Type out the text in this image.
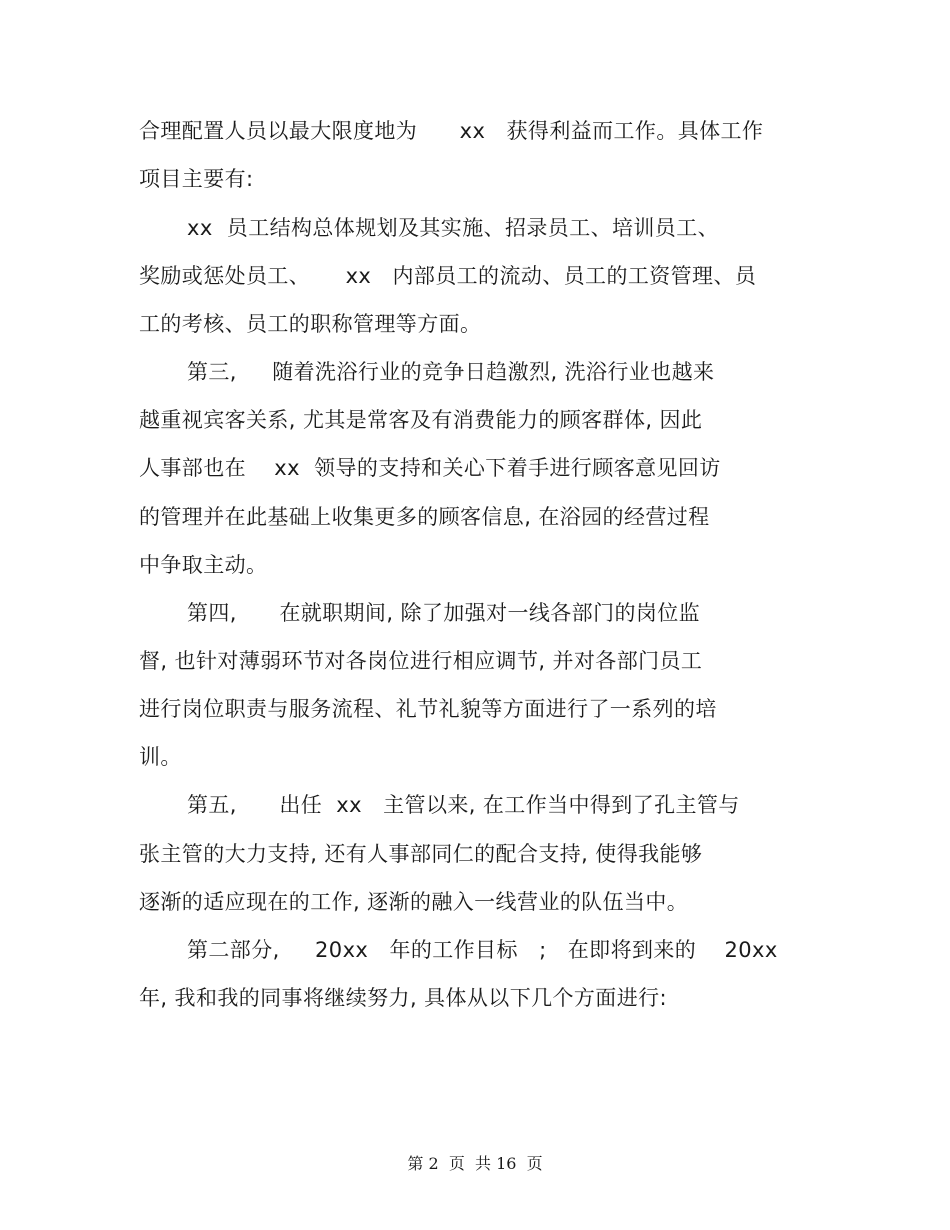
合理配置人员以最大限度地为      xx   获得利益而工作。具体工作
项目主要有:
xx  员工结构总体规划及其实施、招录员工、培训员工、
奖励或惩处员工、     xx   内部员工的流动、员工的工资管理、员
工的考核、员工的职称管理等方面。
第三,     随着洗浴行业的竞争日趋激烈, 洗浴行业也越来
越重视宾客关系, 尤其是常客及有消费能力的顾客群体, 因此
人事部也在    xx  领导的支持和关心下着手进行顾客意见回访
的管理并在此基础上收集更多的顾客信息, 在浴园的经营过程
中争取主动。
第四,      在就职期间, 除了加强对一线各部门的岗位监
督, 也针对薄弱环节对各岗位进行相应调节, 并对各部门员工
进行岗位职责与服务流程、礼节礼貌等方面进行了一系列的培
训。
第五,      出任  xx   主管以来, 在工作当中得到了孔主管与
张主管的大力支持, 还有人事部同仁的配合支持, 使得我能够
逐渐的适应现在的工作, 逐渐的融入一线营业的队伍当中。
第二部分,     20xx   年的工作目标   ;   在即将到来的    20xx
年, 我和我的同事将继续努力, 具体从以下几个方面进行:
第 2  页  共 16  页
